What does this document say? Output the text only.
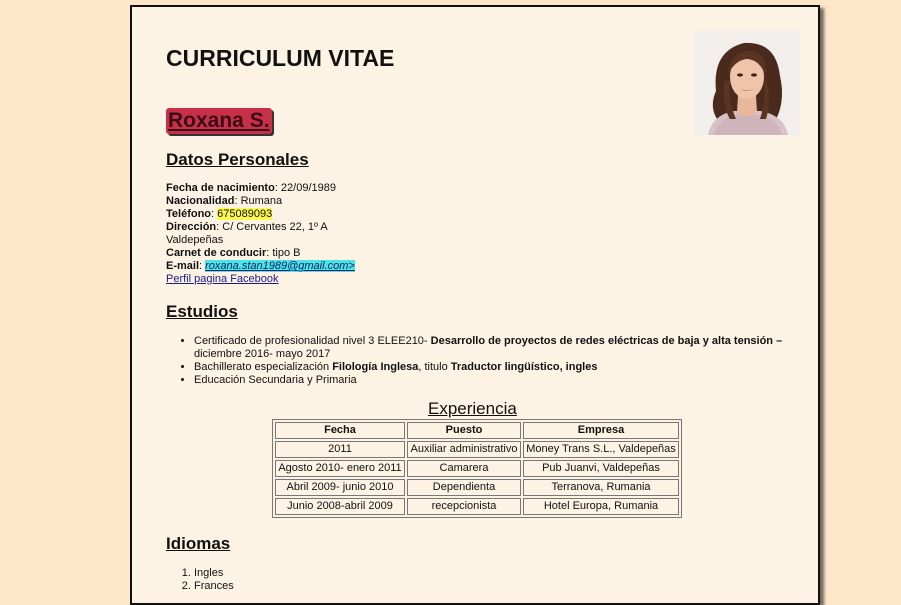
CURRICULUM VITAE
Roxana S.
Datos Personales
Fecha de nacimiento: 22/09/1989
Nacionalidad: Rumana
Teléfono: 675089093
Dirección: C/ Cervantes 22, 1º A
Valdepeñas
Carnet de conducir: tipo B
E-mail: roxana.stan1989@gmail.com>
Perfil pagina Facebook
Estudios
• Certificado de profesionalidad nivel 3 ELEE210- Desarrollo de proyectos de redes eléctricas de baja y alta tensión – diciembre 2016- mayo 2017
• Bachillerato especialización Filología Inglesa, titulo Traductor lingüístico, ingles
• Educación Secundaria y Primaria
Experiencia
Fecha	Puesto	Empresa
2011	Auxiliar administrativo	Money Trans S.L., Valdepeñas
Agosto 2010- enero 2011	Camarera	Pub Juanvi, Valdepeñas
Abril 2009- junio 2010	Dependienta	Terranova, Rumania
Junio 2008-abril 2009	recepcionista	Hotel Europa, Rumania
Idiomas
1. Ingles
2. Frances
